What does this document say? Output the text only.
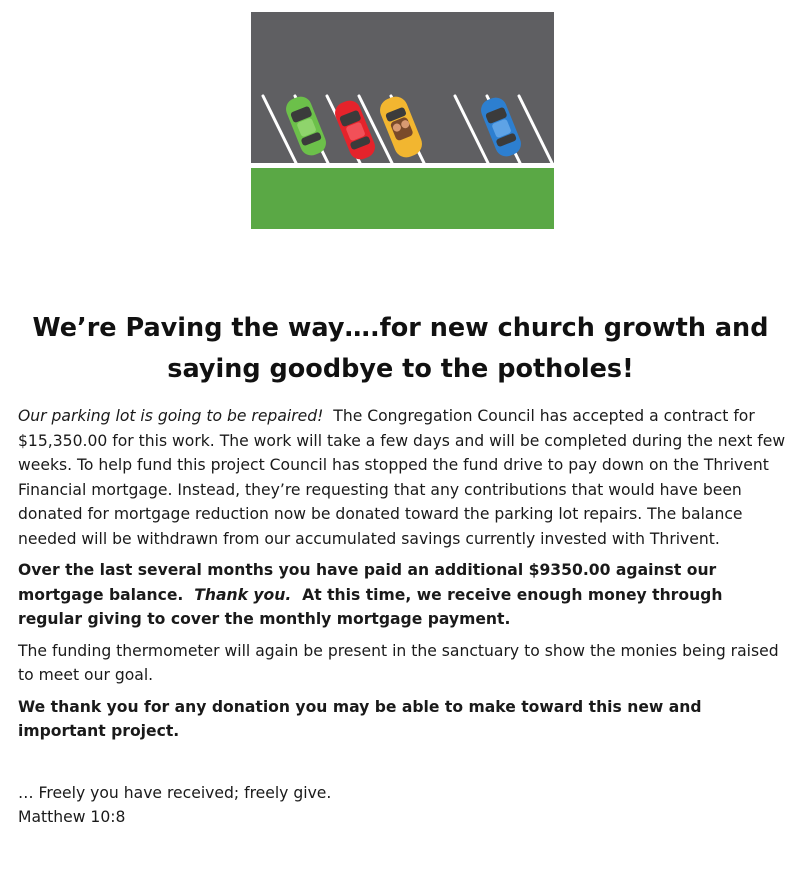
We’re Paving the way….for new church growth and
saying goodbye to the potholes!

Our parking lot is going to be repaired! The Congregation Council has accepted a contract for $15,350.00 for this work. The work will take a few days and will be completed during the next few weeks. To help fund this project Council has stopped the fund drive to pay down on the Thrivent Financial mortgage. Instead, they’re requesting that any contributions that would have been donated for mortgage reduction now be donated toward the parking lot repairs. The balance needed will be withdrawn from our accumulated savings currently invested with Thrivent.

Over the last several months you have paid an additional $9350.00 against our mortgage balance. Thank you. At this time, we receive enough money through regular giving to cover the monthly mortgage payment.

The funding thermometer will again be present in the sanctuary to show the monies being raised to meet our goal.

We thank you for any donation you may be able to make toward this new and important project.

… Freely you have received; freely give.

Matthew 10:8
